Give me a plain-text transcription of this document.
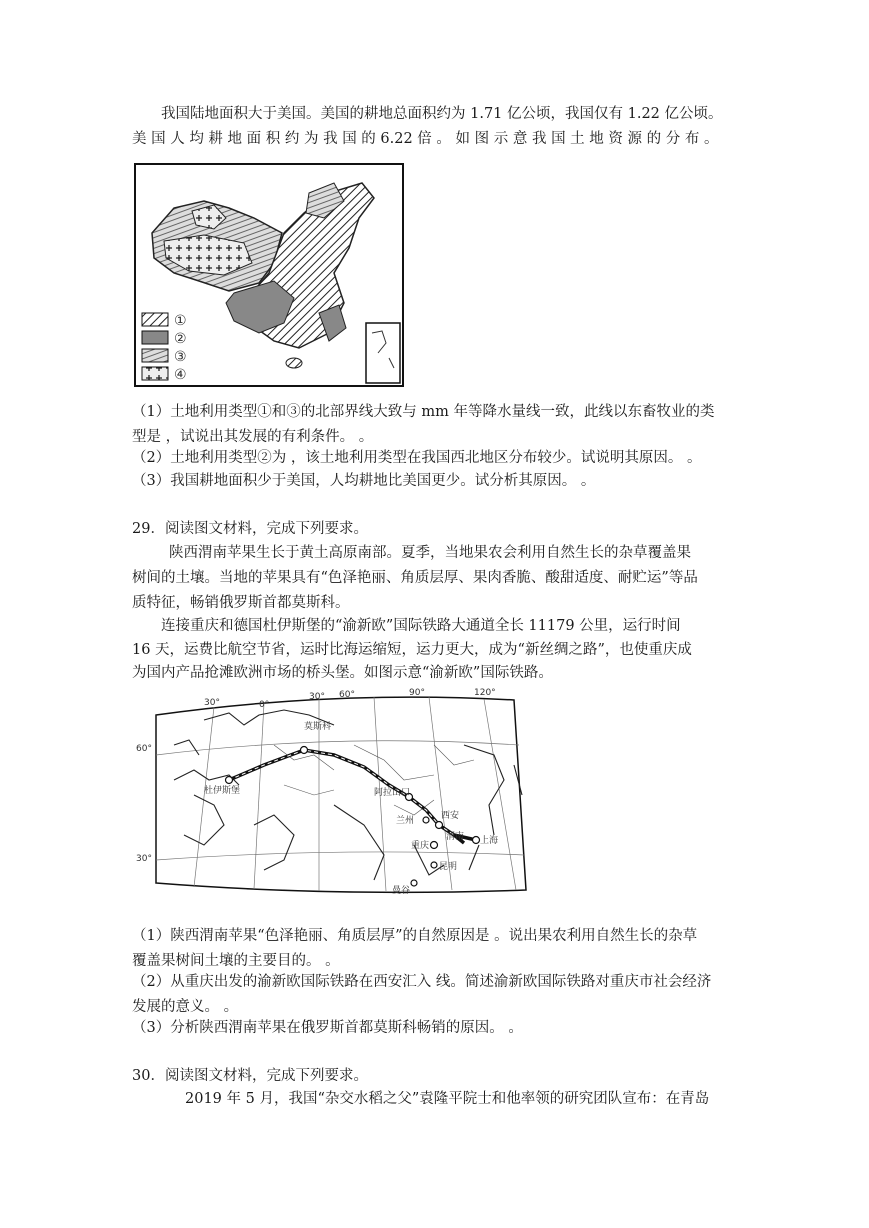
我国陆地面积大于美国。美国的耕地总面积约为 1.71 亿公顷，我国仅有 1.22 亿公顷。

美 国 人 均 耕 地 面 积 约 为 我 国 的 6.22 倍 。 如 图 示 意 我 国 土 地 资 源 的 分 布 。

①
②
③
④

（1）土地利用类型①和③的北部界线大致与 mm 年等降水量线一致，此线以东畜牧业的类

型是 ，试说出其发展的有利条件。 。

（2）土地利用类型②为 ，该土地利用类型在我国西北地区分布较少。试说明其原因。 。

（3）我国耕地面积少于美国，人均耕地比美国更少。试分析其原因。 。

29．阅读图文材料，完成下列要求。

陕西渭南苹果生长于黄土高原南部。夏季，当地果农会利用自然生长的杂草覆盖果

树间的土壤。当地的苹果具有“色泽艳丽、角质层厚、果肉香脆、酸甜适度、耐贮运”等品

质特征，畅销俄罗斯首都莫斯科。

连接重庆和德国杜伊斯堡的“渝新欧”国际铁路大通道全长 11179 公里，运行时间

16 天，运费比航空节省，运时比海运缩短，运力更大，成为“新丝绸之路”，也使重庆成

为国内产品抢滩欧洲市场的桥头堡。如图示意“渝新欧”国际铁路。

30°	0°
30° 60°	90°	120°
60°
30°
莫斯科
杜伊斯堡	阿拉山口
兰州	西安
渭南
重庆	上海
昆明
曼谷

（1）陕西渭南苹果“色泽艳丽、角质层厚”的自然原因是 。说出果农利用自然生长的杂草

覆盖果树间土壤的主要目的。 。

（2）从重庆出发的渝新欧国际铁路在西安汇入 线。简述渝新欧国际铁路对重庆市社会经济

发展的意义。 。

（3）分析陕西渭南苹果在俄罗斯首都莫斯科畅销的原因。 。

30．阅读图文材料，完成下列要求。

2019 年 5 月，我国“杂交水稻之父”袁隆平院士和他率领的研究团队宣布：在青岛
